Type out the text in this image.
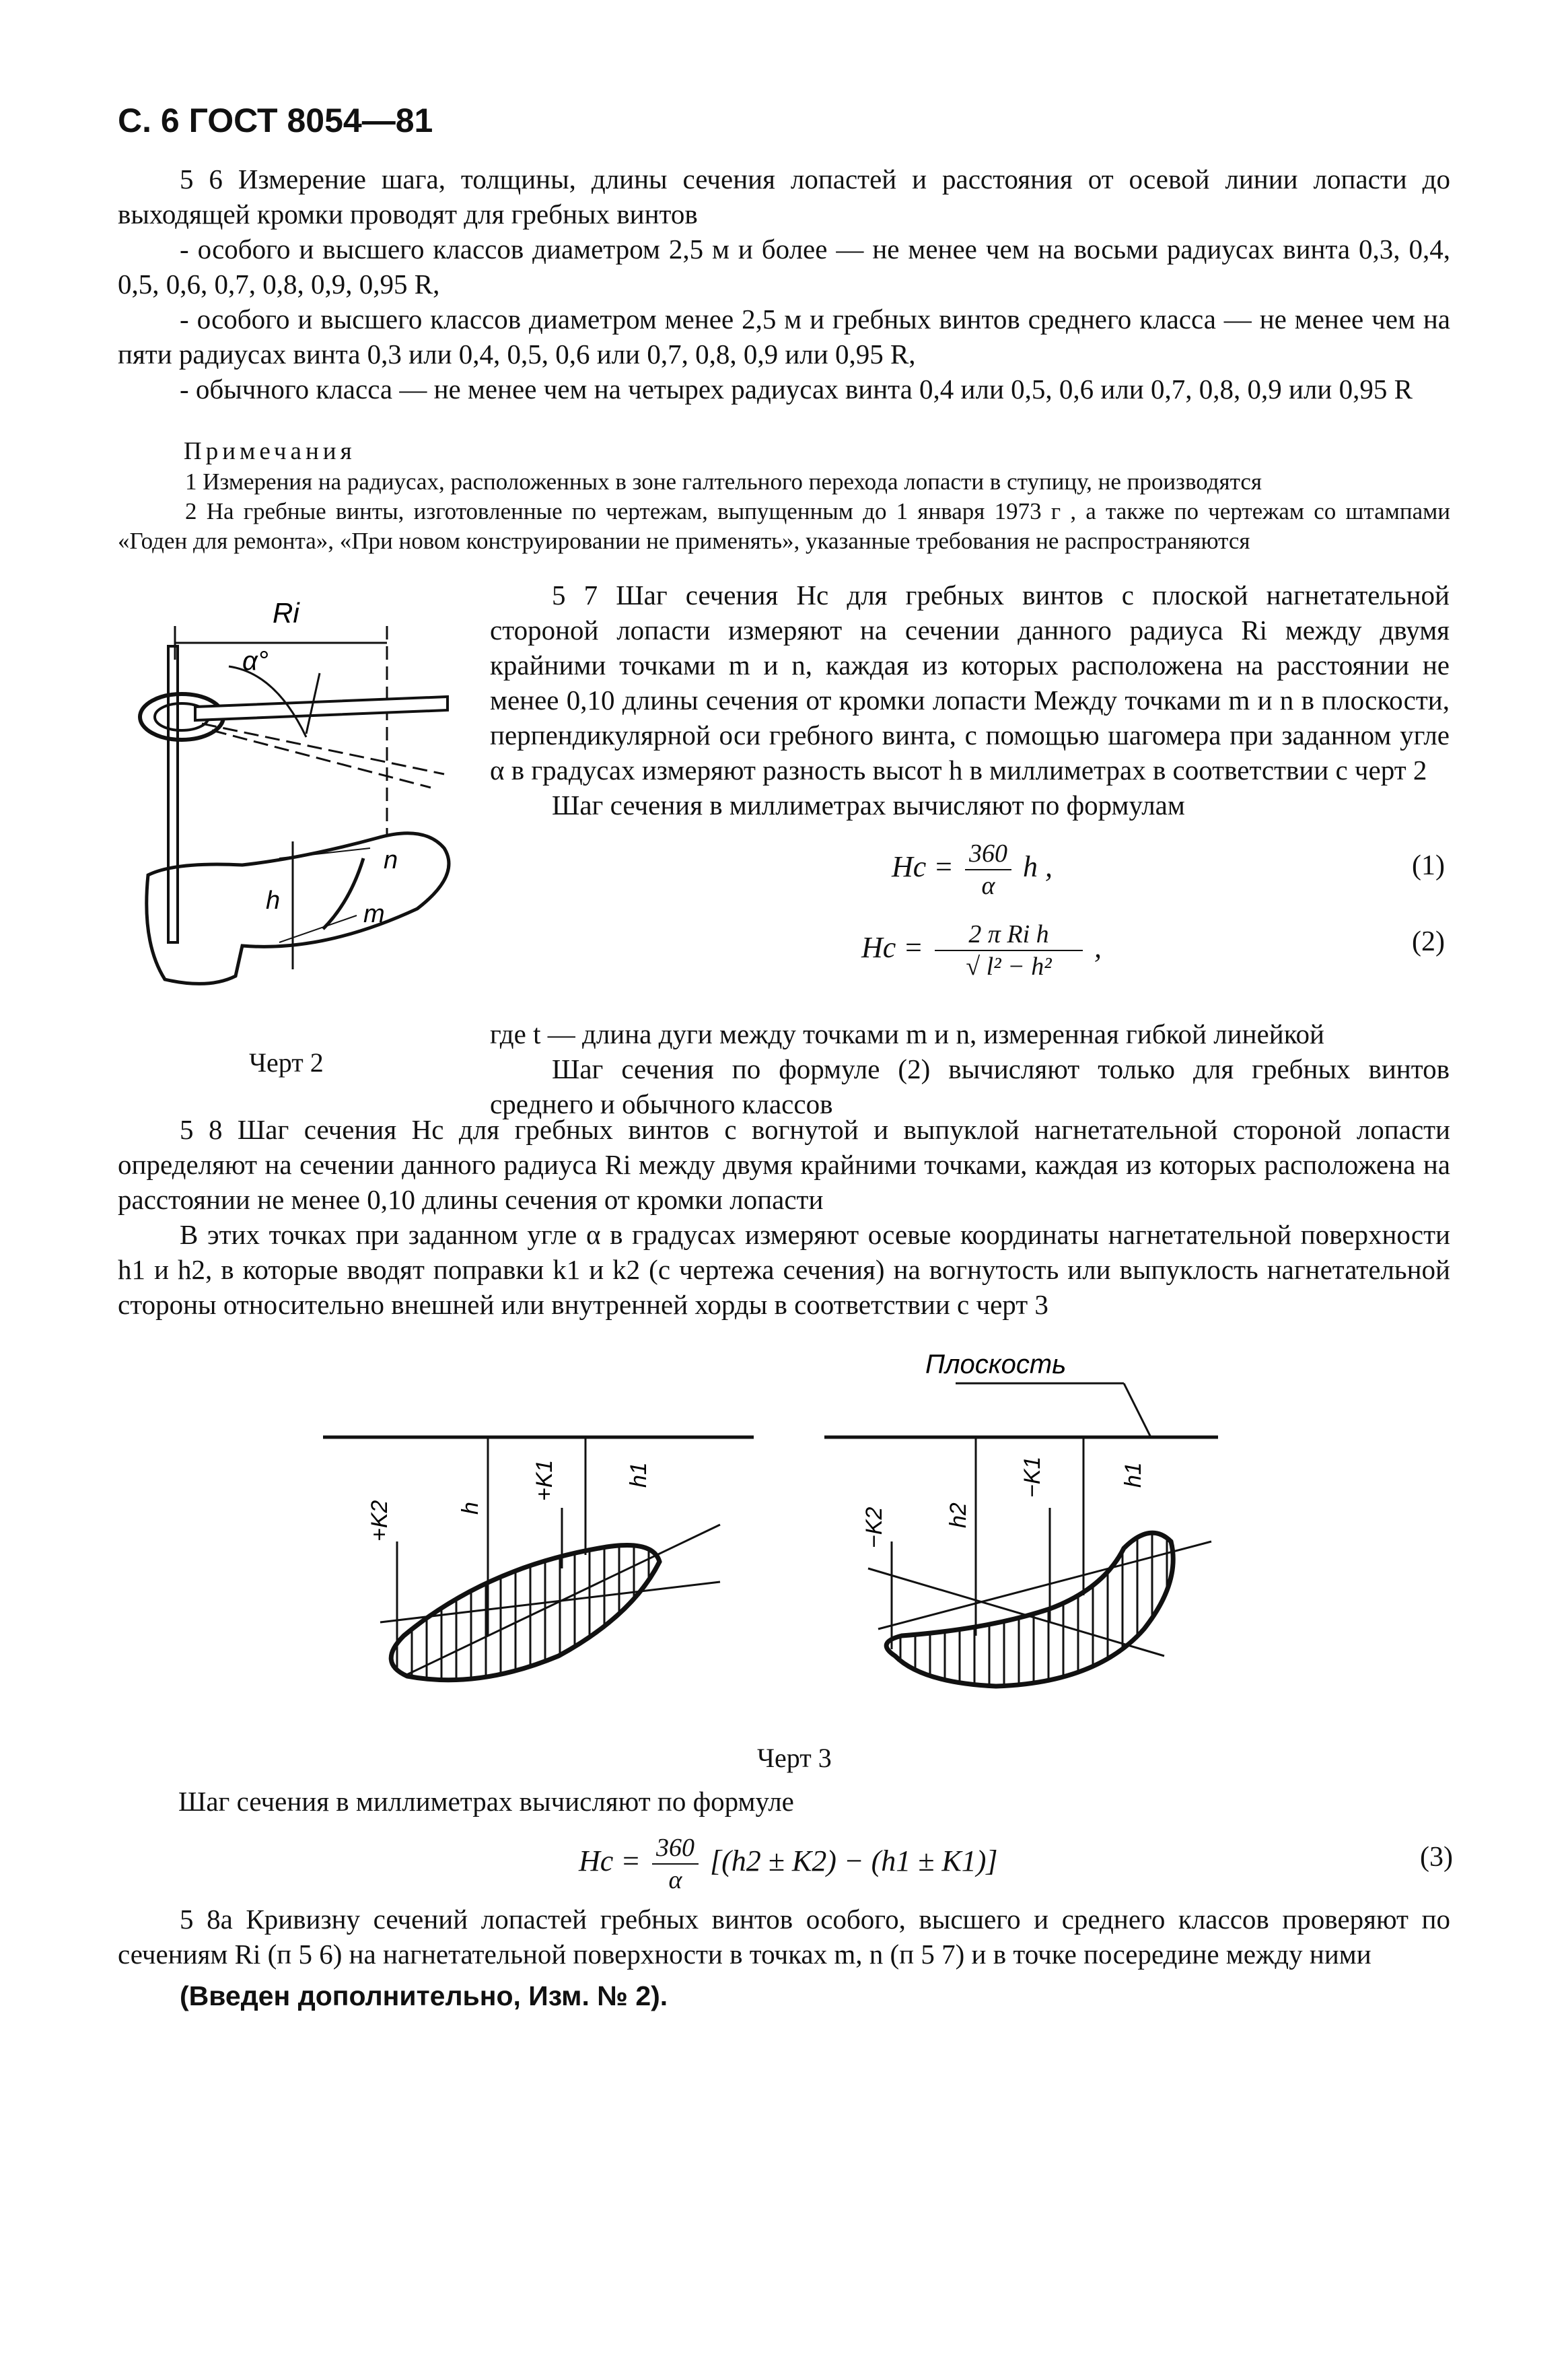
С. 6 ГОСТ 8054—81
5 6 Измерение шага, толщины, длины сечения лопастей и расстояния от осевой линии лопасти до выходящей кромки проводят для гребных винтов
- особого и высшего классов диаметром 2,5 м и более — не менее чем на восьми радиусах винта 0,3, 0,4, 0,5, 0,6, 0,7, 0,8, 0,9, 0,95 R,
- особого и высшего классов диаметром менее 2,5 м и гребных винтов среднего класса — не менее чем на пяти радиусах винта 0,3 или 0,4, 0,5, 0,6 или 0,7, 0,8, 0,9 или 0,95 R,
- обычного класса — не менее чем на четырех радиусах винта 0,4 или 0,5, 0,6 или 0,7, 0,8, 0,9 или 0,95 R
Примечания
1 Измерения на радиусах, расположенных в зоне галтельного перехода лопасти в ступицу, не производятся
2 На гребные винты, изготовленные по чертежам, выпущенным до 1 января 1973 г , а также по чертежам со штампами «Годен для ремонта», «При новом конструировании не применять», указанные требования не распространяются
Ri
α°
n
m
h
Черт 2
5 7 Шаг сечения Hc для гребных винтов с плоской нагнетательной стороной лопасти измеряют на сечении данного радиуса Ri между двумя крайними точками m и n, каждая из которых расположена на расстоянии не менее 0,10 длины сечения от кромки лопасти Между точками m и n в плоскости, перпендикулярной оси гребного винта, с помощью шагомера при заданном угле α в градусах измеряют разность высот h в миллиметрах в соответствии с черт 2
Шаг сечения в миллиметрах вычисляют по формулам
$Hc = \frac{360}{\alpha}$ h ,	(1)
$Hc = \frac{\text{2 π Ri h}}{\text{√ l² − h²}}$ ,	(2)
где t — длина дуги между точками m и n, измеренная гибкой линейкой
Шаг сечения по формуле (2) вычисляют только для гребных винтов среднего и обычного классов
5 8 Шаг сечения Hc для гребных винтов с вогнутой и выпуклой нагнетательной стороной лопасти определяют на сечении данного радиуса Ri между двумя крайними точками, каждая из которых расположена на расстоянии не менее 0,10 длины сечения от кромки лопасти
В этих точках при заданном угле α в градусах измеряют осевые координаты нагнетательной поверхности h1 и h2, в которые вводят поправки k1 и k2 (с чертежа сечения) на вогнутость или выпуклость нагнетательной стороны относительно внешней или внутренней хорды в соответствии с черт 3
Плоскость
+K2	h
+K1	h1
−K2	h2
−K1	h1
Черт 3
Шаг сечения в миллиметрах вычисляют по формуле
$Hc = \frac{360}{\alpha} [(h2 \pm K2) - (h1 \pm K1)]$	(3)
5 8а Кривизну сечений лопастей гребных винтов особого, высшего и среднего классов проверяют по сечениям Ri (п 5 6) на нагнетательной поверхности в точках m, n (п 5 7) и в точке посередине между ними
(Введен дополнительно, Изм. № 2).
